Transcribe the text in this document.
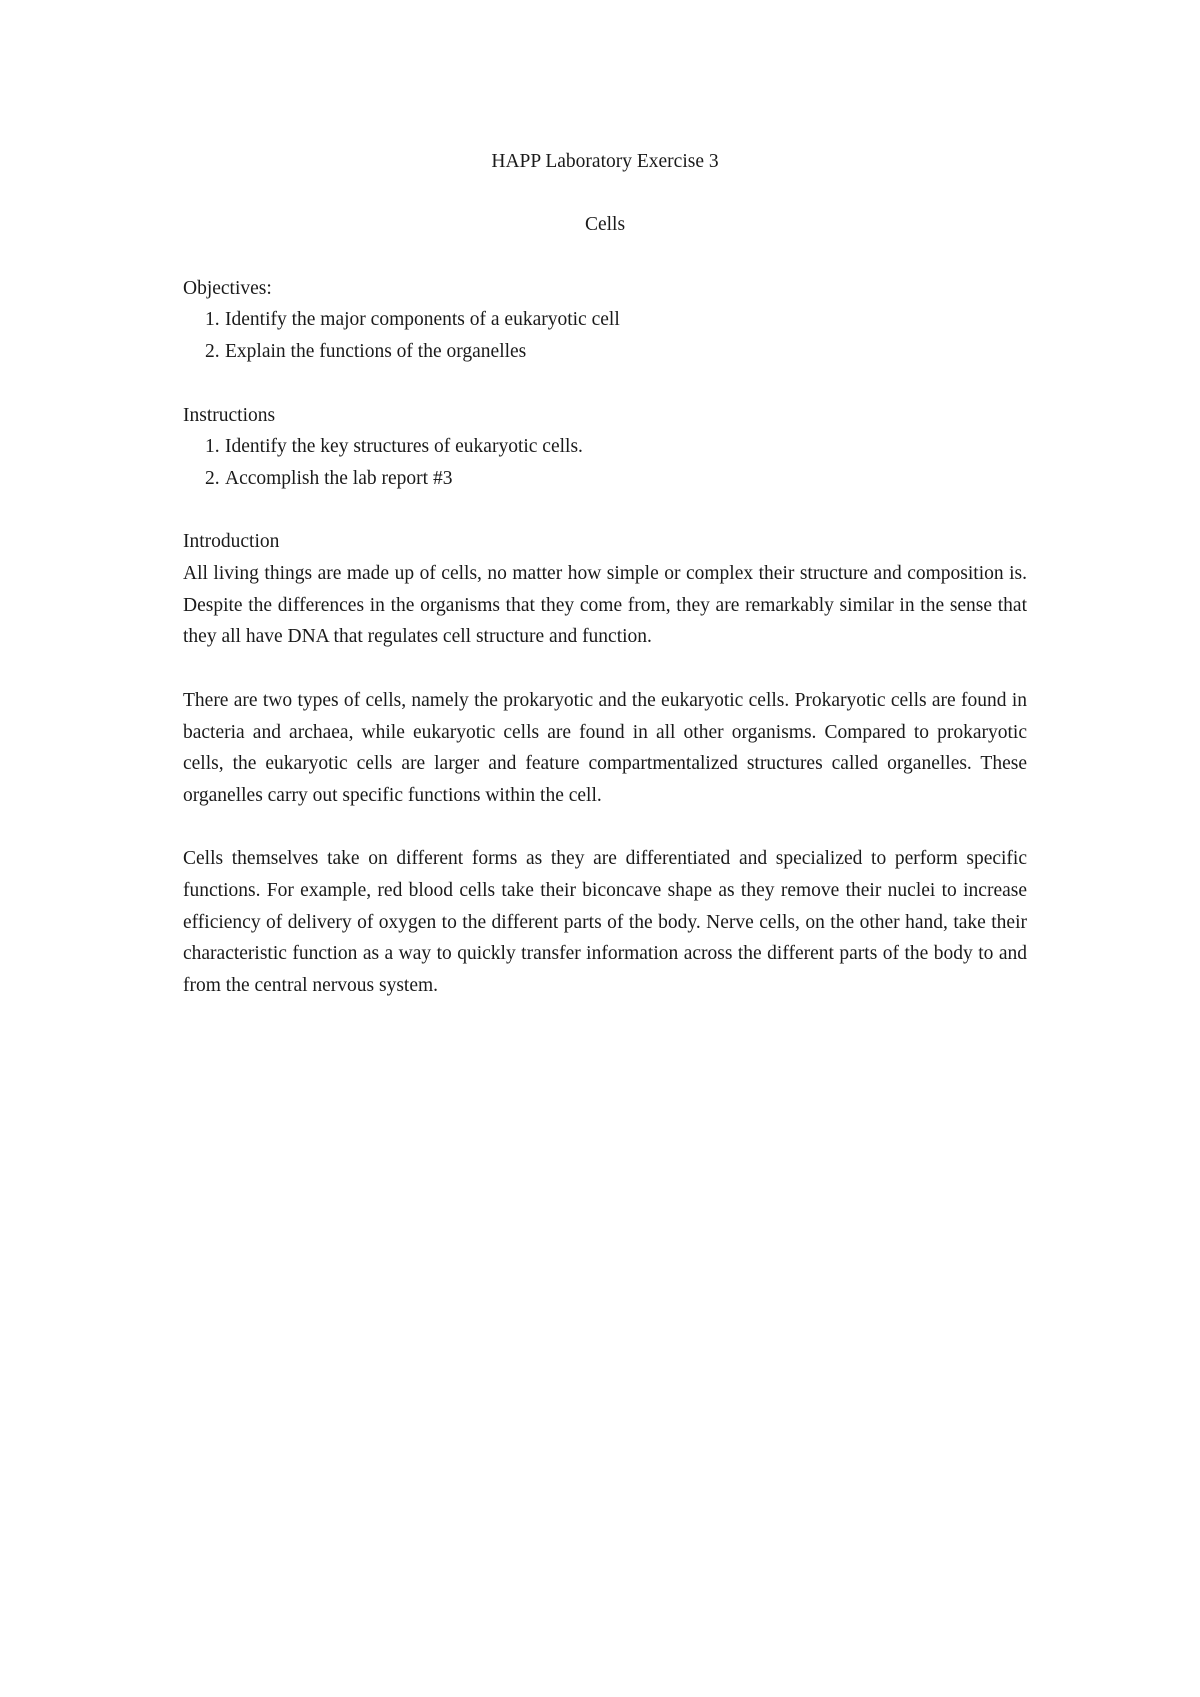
HAPP Laboratory Exercise 3

Cells

Objectives:

1. Identify the major components of a eukaryotic cell
2. Explain the functions of the organelles

Instructions

1. Identify the key structures of eukaryotic cells.
2. Accomplish the lab report #3

Introduction

All living things are made up of cells, no matter how simple or complex their structure and composition is. Despite the differences in the organisms that they come from, they are remarkably similar in the sense that they all have DNA that regulates cell structure and function.

There are two types of cells, namely the prokaryotic and the eukaryotic cells. Prokaryotic cells are found in bacteria and archaea, while eukaryotic cells are found in all other organisms. Compared to prokaryotic cells, the eukaryotic cells are larger and feature compartmentalized structures called organelles. These organelles carry out specific functions within the cell.

Cells themselves take on different forms as they are differentiated and specialized to perform specific functions. For example, red blood cells take their biconcave shape as they remove their nuclei to increase efficiency of delivery of oxygen to the different parts of the body. Nerve cells, on the other hand, take their characteristic function as a way to quickly transfer information across the different parts of the body to and from the central nervous system.
